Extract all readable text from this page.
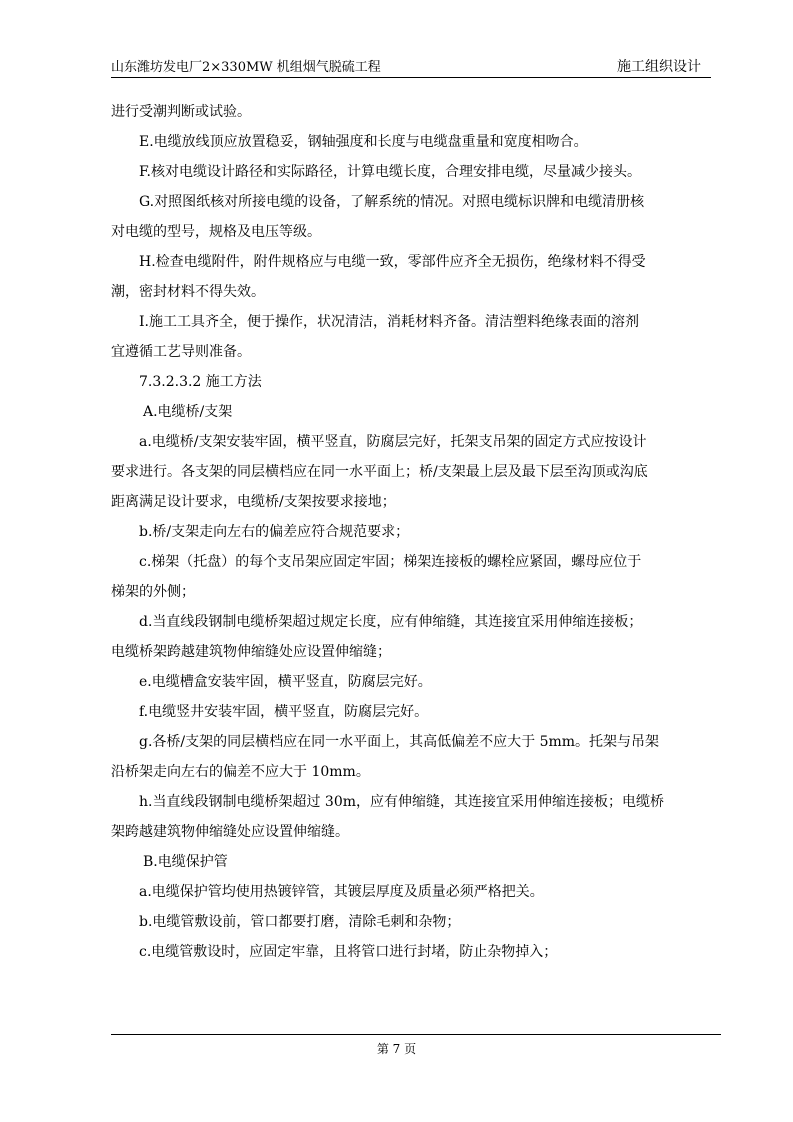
山东潍坊发电厂2×330MW 机组烟气脱硫工程	施工组织设计

进行受潮判断或试验。

E.电缆放线顶应放置稳妥，钢轴强度和长度与电缆盘重量和宽度相吻合。

F.核对电缆设计路径和实际路径，计算电缆长度，合理安排电缆，尽量减少接头。

G.对照图纸核对所接电缆的设备，了解系统的情况。对照电缆标识牌和电缆清册核

对电缆的型号，规格及电压等级。

H.检查电缆附件，附件规格应与电缆一致，零部件应齐全无损伤，绝缘材料不得受

潮，密封材料不得失效。

I.施工工具齐全，便于操作，状况清洁，消耗材料齐备。清洁塑料绝缘表面的溶剂

宜遵循工艺导则准备。

7.3.2.3.2 施工方法

A.电缆桥/支架

a.电缆桥/支架安装牢固，横平竖直，防腐层完好，托架支吊架的固定方式应按设计

要求进行。各支架的同层横档应在同一水平面上；桥/支架最上层及最下层至沟顶或沟底

距离满足设计要求，电缆桥/支架按要求接地；

b.桥/支架走向左右的偏差应符合规范要求；

c.梯架（托盘）的每个支吊架应固定牢固；梯架连接板的螺栓应紧固，螺母应位于

梯架的外侧；

d.当直线段钢制电缆桥架超过规定长度，应有伸缩缝，其连接宜采用伸缩连接板；

电缆桥架跨越建筑物伸缩缝处应设置伸缩缝；

e.电缆槽盒安装牢固，横平竖直，防腐层完好。

f.电缆竖井安装牢固，横平竖直，防腐层完好。

g.各桥/支架的同层横档应在同一水平面上，其高低偏差不应大于 5mm。托架与吊架

沿桥架走向左右的偏差不应大于 10mm。

h.当直线段钢制电缆桥架超过 30m，应有伸缩缝，其连接宜采用伸缩连接板；电缆桥

架跨越建筑物伸缩缝处应设置伸缩缝。

B.电缆保护管

a.电缆保护管均使用热镀锌管，其镀层厚度及质量必须严格把关。

b.电缆管敷设前，管口都要打磨，清除毛刺和杂物；

c.电缆管敷设时，应固定牢靠，且将管口进行封堵，防止杂物掉入；

第 7 页
